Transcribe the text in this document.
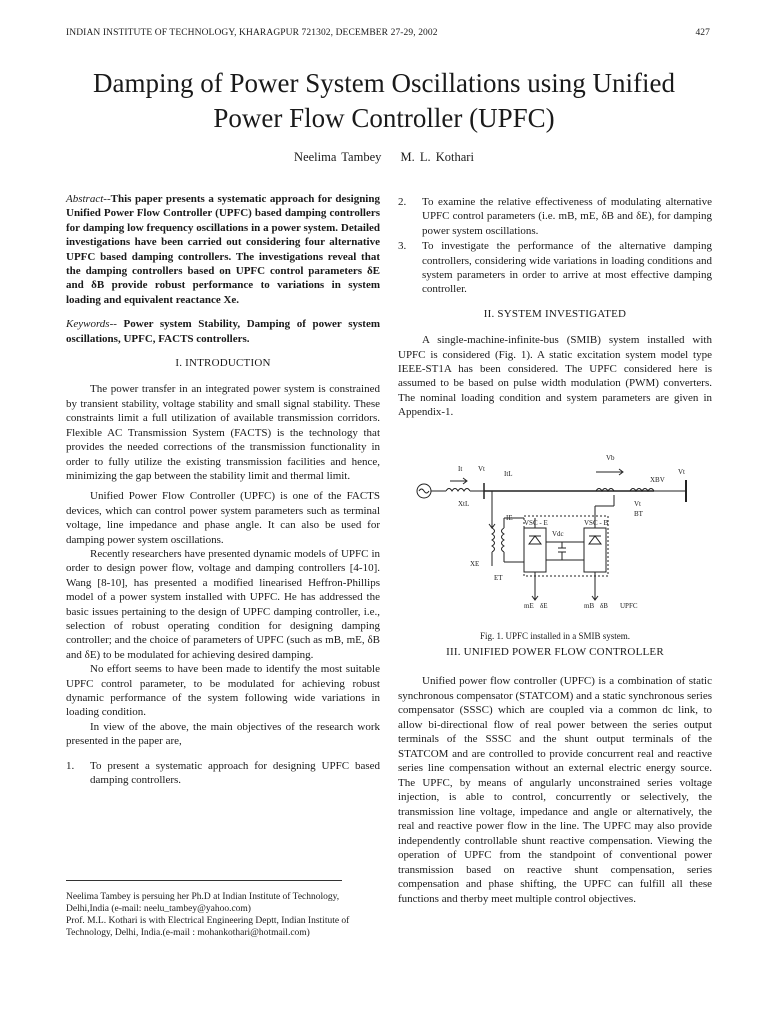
INDIAN INSTITUTE OF TECHNOLOGY, KHARAGPUR 721302, DECEMBER 27-29, 2002	427
Damping of Power System Oscillations using Unified Power Flow Controller (UPFC)
Neelima Tambey M. L. Kothari

Abstract--This paper presents a systematic approach for designing Unified Power Flow Controller (UPFC) based damping controllers for damping low frequency oscillations in a power system. Detailed investigations have been carried out considering four alternative UPFC based damping controllers. The investigations reveal that the damping controllers based on UPFC control parameters δE and δB provide robust performance to variations in system loading and equivalent reactance Xe.

Keywords-- Power system Stability, Damping of power system oscillations, UPFC, FACTS controllers.

I. INTRODUCTION

The power transfer in an integrated power system is constrained by transient stability, voltage stability and small signal stability. These constraints limit a full utilization of available transmission corridors. Flexible AC Transmission System (FACTS) is the technology that provides the needed corrections of the transmission functionality in order to fully utilize the existing transmission facilities and hence, minimizing the gap between the stability limit and thermal limit.

Unified Power Flow Controller (UPFC) is one of the FACTS devices, which can control power system parameters such as terminal voltage, line impedance and phase angle. It can also be used for damping power system oscillations.

Recently researchers have presented dynamic models of UPFC in order to design power flow, voltage and damping controllers [4-10]. Wang [8-10], has presented a modified linearised Heffron-Phillips model of a power system installed with UPFC. He has addressed the basic issues pertaining to the design of UPFC damping controller, i.e., selection of robust operating condition for designing damping controller; and the choice of parameters of UPFC (such as mB, mE, δB and δE) to be modulated for achieving desired damping.

No effort seems to have been made to identify the most suitable UPFC control parameter, to be modulated for achieving robust dynamic performance of the system following wide variations in loading condition.

In view of the above, the main objectives of the research work presented in the paper are,

1. To present a systematic approach for designing UPFC based damping controllers.

Neelima Tambey is persuing her Ph.D at Indian Institute of Technology, Delhi,India (e-mail: neelu_tambey@yahoo.com)

Prof. M.L. Kothari is with Electrical Engineering Deptt, Indian Institute of Technology, Delhi, India.(e-mail : mohankothari@hotmail.com)

2. To examine the relative effectiveness of modulating alternative UPFC control parameters (i.e. mB, mE, δB and δE), for damping power system oscillations.
3. To investigate the performance of the alternative damping controllers, considering wide variations in loading conditions and system parameters in order to arrive at most effective damping controller.
II. SYSTEM INVESTIGATED

A single-machine-infinite-bus (SMIB) system installed with UPFC is considered (Fig. 1). A static excitation system model type IEEE-ST1A has been considered. The UPFC considered here is assumed to be based on pulse width modulation (PWM) converters. The nominal loading condition and system parameters are given in Appendix-1.

It Vt
ItL
Vb
XBV
Vt
XtL
IE
Vdc
VSC - E	VSC - B
XE
ET
BT
Vt
mE δE	mB δB UPFC
Fig. 1. UPFC installed in a SMIB system.
III. UNIFIED POWER FLOW CONTROLLER

Unified power flow controller (UPFC) is a combination of static synchronous compensator (STATCOM) and a static synchronous series compensator (SSSC) which are coupled via a common dc link, to allow bi-directional flow of real power between the series output terminals of the SSSC and the shunt output terminals of the STATCOM and are controlled to provide concurrent real and reactive series line compensation without an external electric energy source. The UPFC, by means of angularly unconstrained series voltage injection, is able to control, concurrently or selectively, the transmission line voltage, impedance and angle or alternatively, the real and reactive power flow in the line. The UPFC may also provide independently controllable shunt reactive compensation. Viewing the operation of UPFC from the standpoint of conventional power transmission based on reactive shunt compensation, series compensation and phase shifting, the UPFC can fulfill all these functions and therby meet multiple control objectives.
